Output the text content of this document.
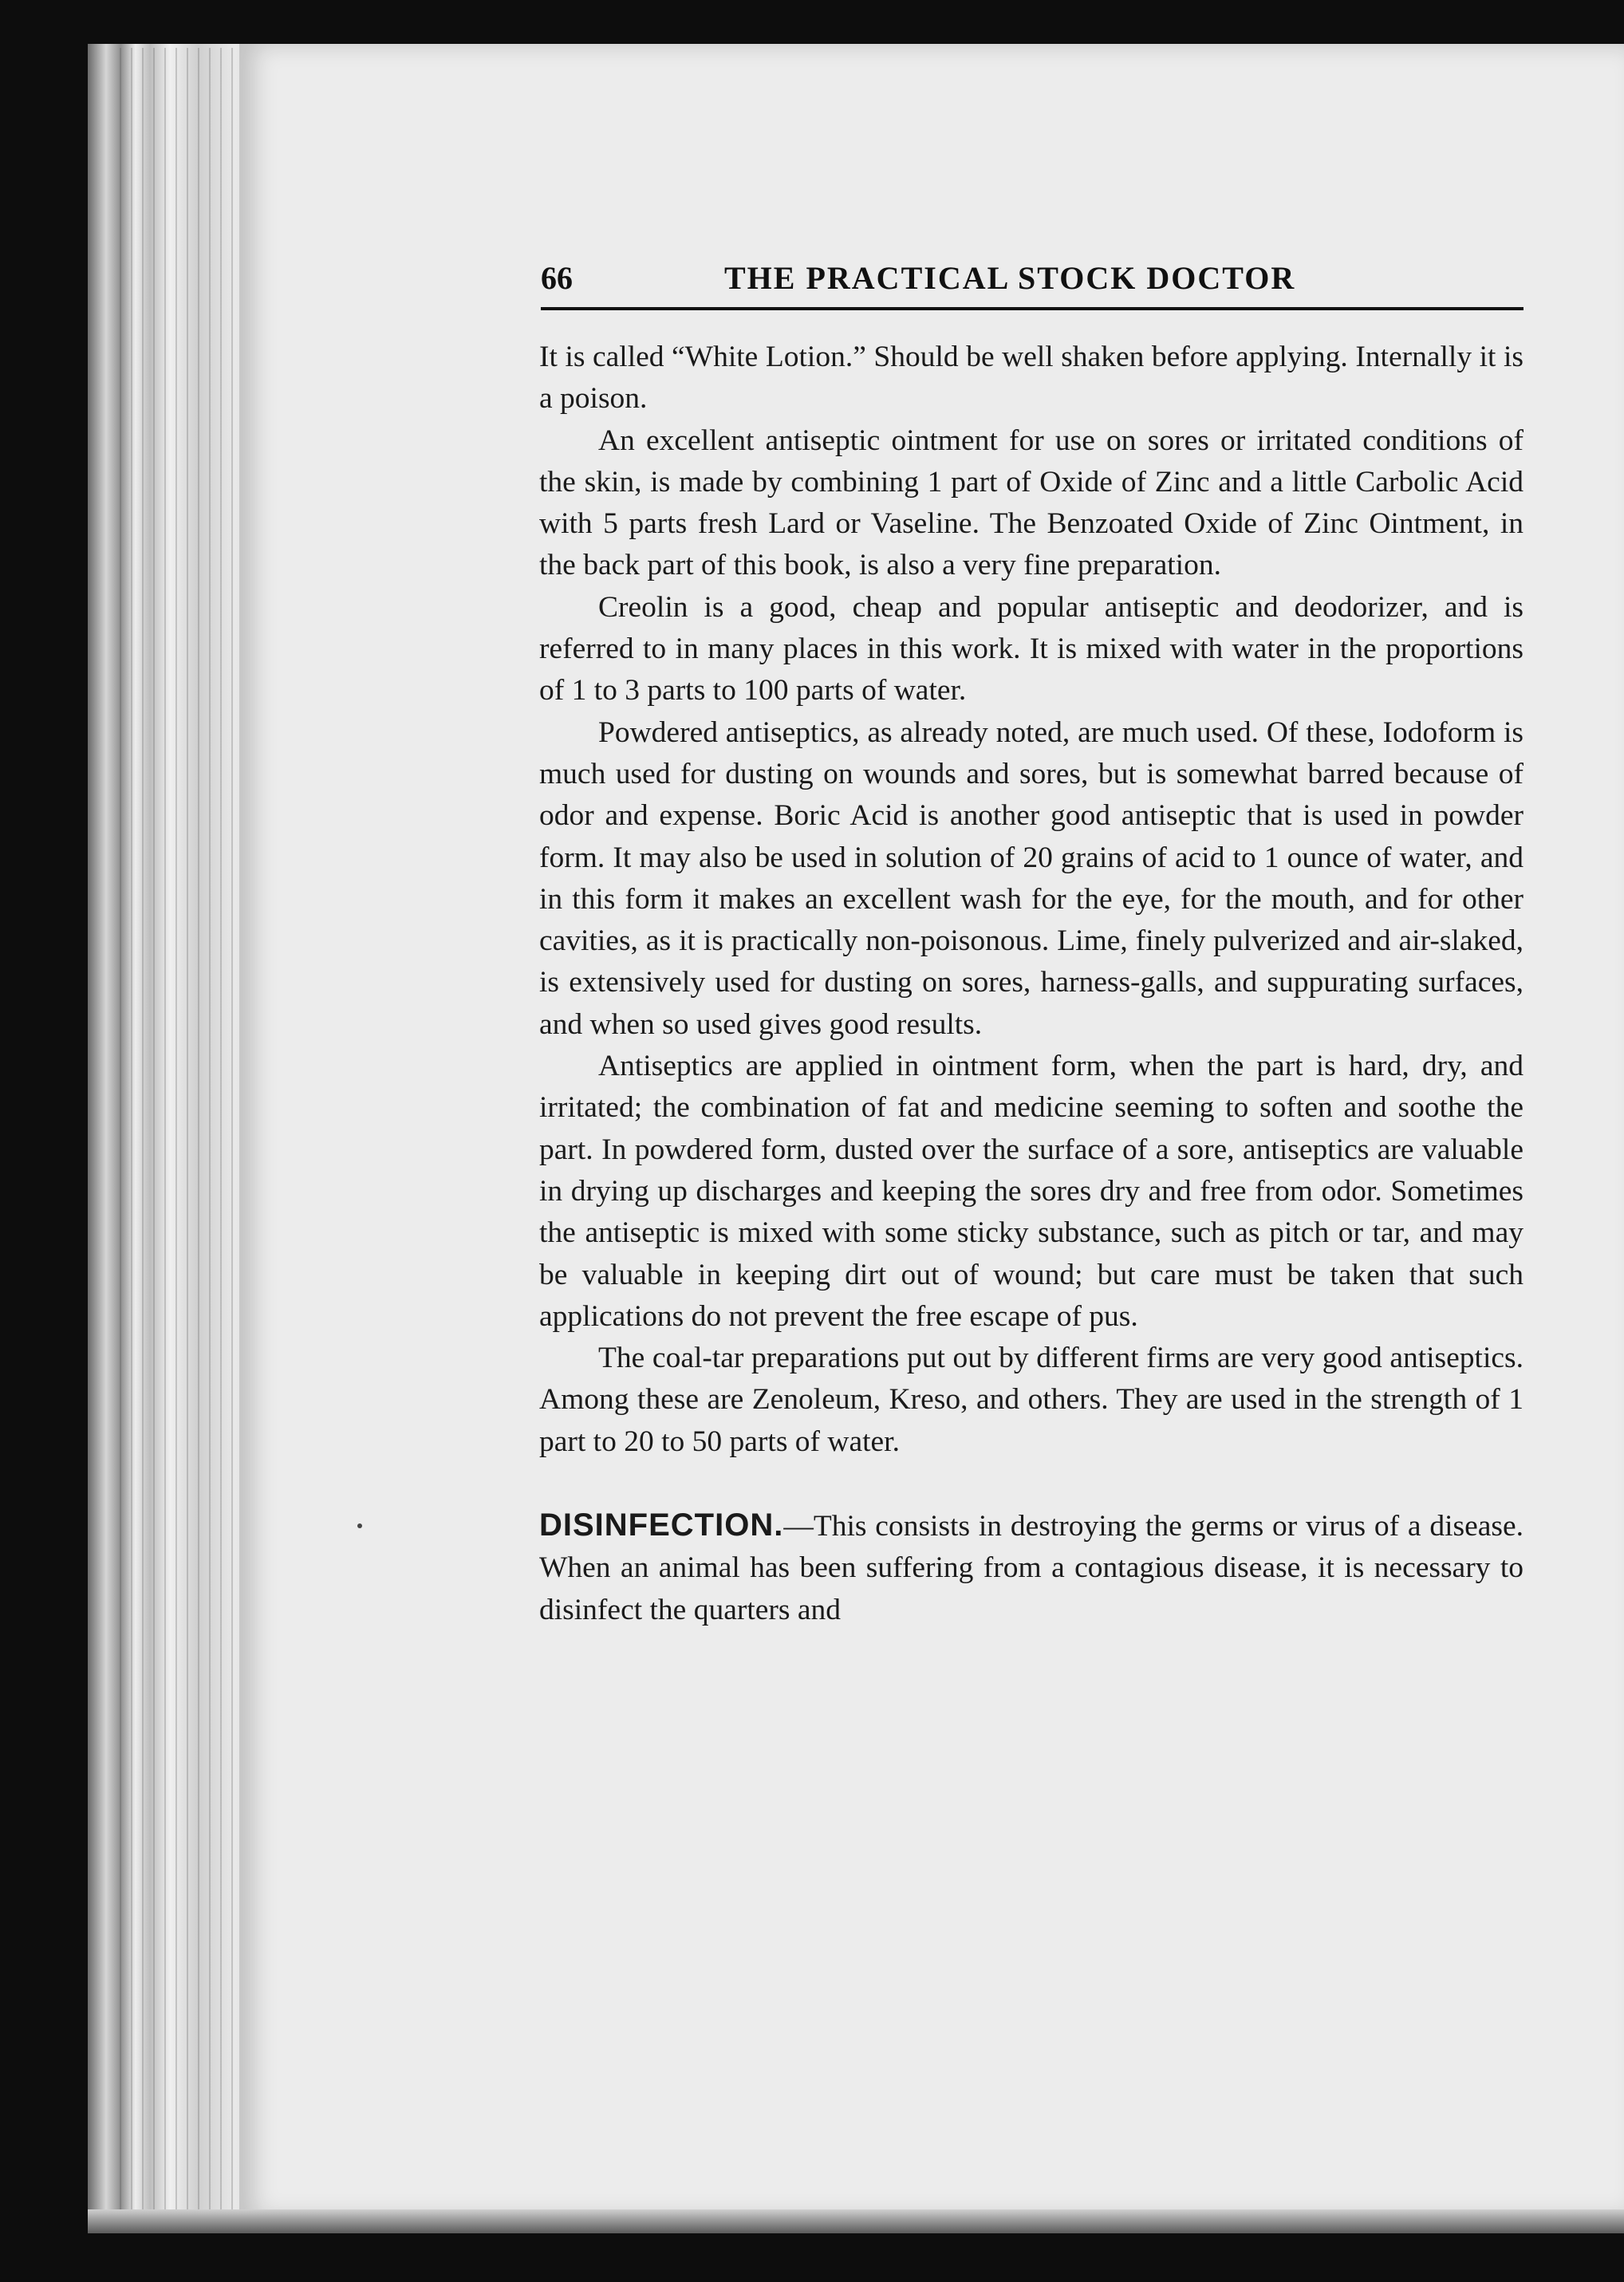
66	THE PRACTICAL STOCK DOCTOR

It is called “White Lotion.” Should be well shaken before applying. Internally it is a poison.

An excellent antiseptic ointment for use on sores or irritated conditions of the skin, is made by combining 1 part of Oxide of Zinc and a little Carbolic Acid with 5 parts fresh Lard or Vaseline. The Benzoated Oxide of Zinc Ointment, in the back part of this book, is also a very fine preparation.

Creolin is a good, cheap and popular antiseptic and deodorizer, and is referred to in many places in this work. It is mixed with water in the proportions of 1 to 3 parts to 100 parts of water.

Powdered antiseptics, as already noted, are much used. Of these, Iodoform is much used for dusting on wounds and sores, but is somewhat barred because of odor and expense. Boric Acid is another good antiseptic that is used in powder form. It may also be used in solution of 20 grains of acid to 1 ounce of water, and in this form it makes an excellent wash for the eye, for the mouth, and for other cavities, as it is practically non-poisonous. Lime, finely pulverized and air-slaked, is extensively used for dusting on sores, harness-galls, and suppurating surfaces, and when so used gives good results.

Antiseptics are applied in ointment form, when the part is hard, dry, and irritated; the combination of fat and medicine seeming to soften and soothe the part. In powdered form, dusted over the surface of a sore, antiseptics are valuable in drying up discharges and keeping the sores dry and free from odor. Sometimes the antiseptic is mixed with some sticky substance, such as pitch or tar, and may be valuable in keeping dirt out of wound; but care must be taken that such applications do not prevent the free escape of pus.

The coal-tar preparations put out by different firms are very good antiseptics. Among these are Zenoleum, Kreso, and others. They are used in the strength of 1 part to 20 to 50 parts of water.

DISINFECTION.—This consists in destroying the germs or virus of a disease. When an animal has been suffering from a contagious disease, it is necessary to disinfect the quarters and
